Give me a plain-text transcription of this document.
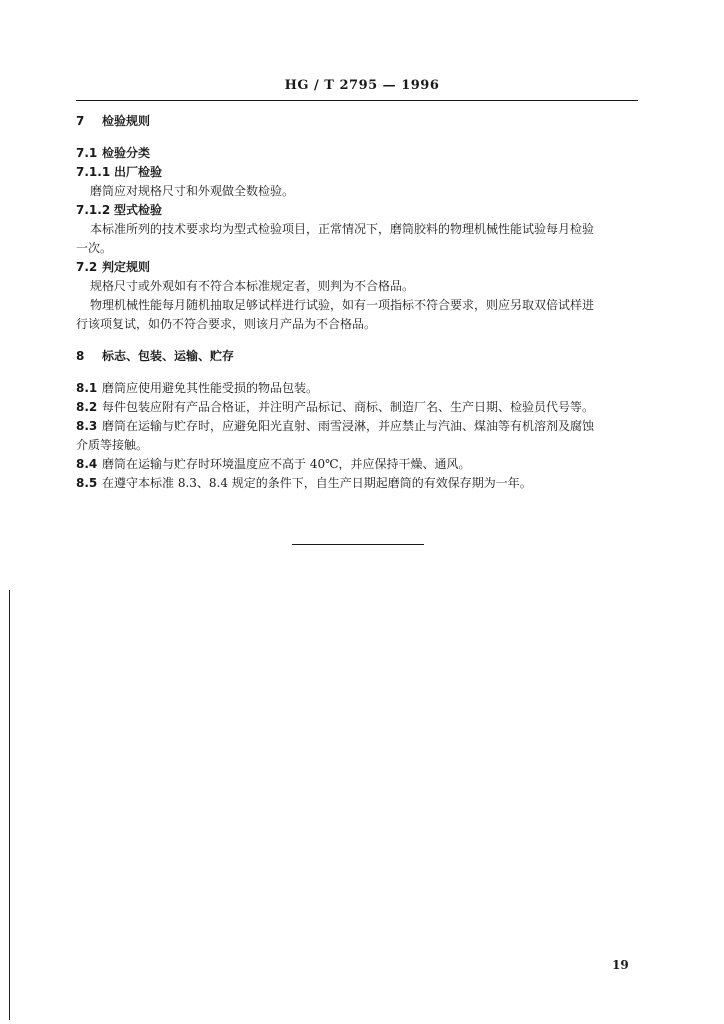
HG / T 2795 — 1996

7 检验规则

7.1 检验分类

7.1.1 出厂检验

磨筒应对规格尺寸和外观做全数检验。

7.1.2 型式检验

本标准所列的技术要求均为型式检验项目，正常情况下，磨筒胶料的物理机械性能试验每月检验

一次。

7.2 判定规则

规格尺寸或外观如有不符合本标准规定者，则判为不合格品。

物理机械性能每月随机抽取足够试样进行试验，如有一项指标不符合要求，则应另取双倍试样进

行该项复试，如仍不符合要求，则该月产品为不合格品。

8 标志、包装、运输、贮存

8.1 磨筒应使用避免其性能受损的物品包装。

8.2 每件包装应附有产品合格证，并注明产品标记、商标、制造厂名、生产日期、检验员代号等。

8.3 磨筒在运输与贮存时，应避免阳光直射、雨雪浸淋，并应禁止与汽油、煤油等有机溶剂及腐蚀

介质等接触。

8.4 磨筒在运输与贮存时环境温度应不高于 40℃，并应保持干燥、通风。

8.5 在遵守本标准 8.3、8.4 规定的条件下，自生产日期起磨筒的有效保存期为一年。

19
